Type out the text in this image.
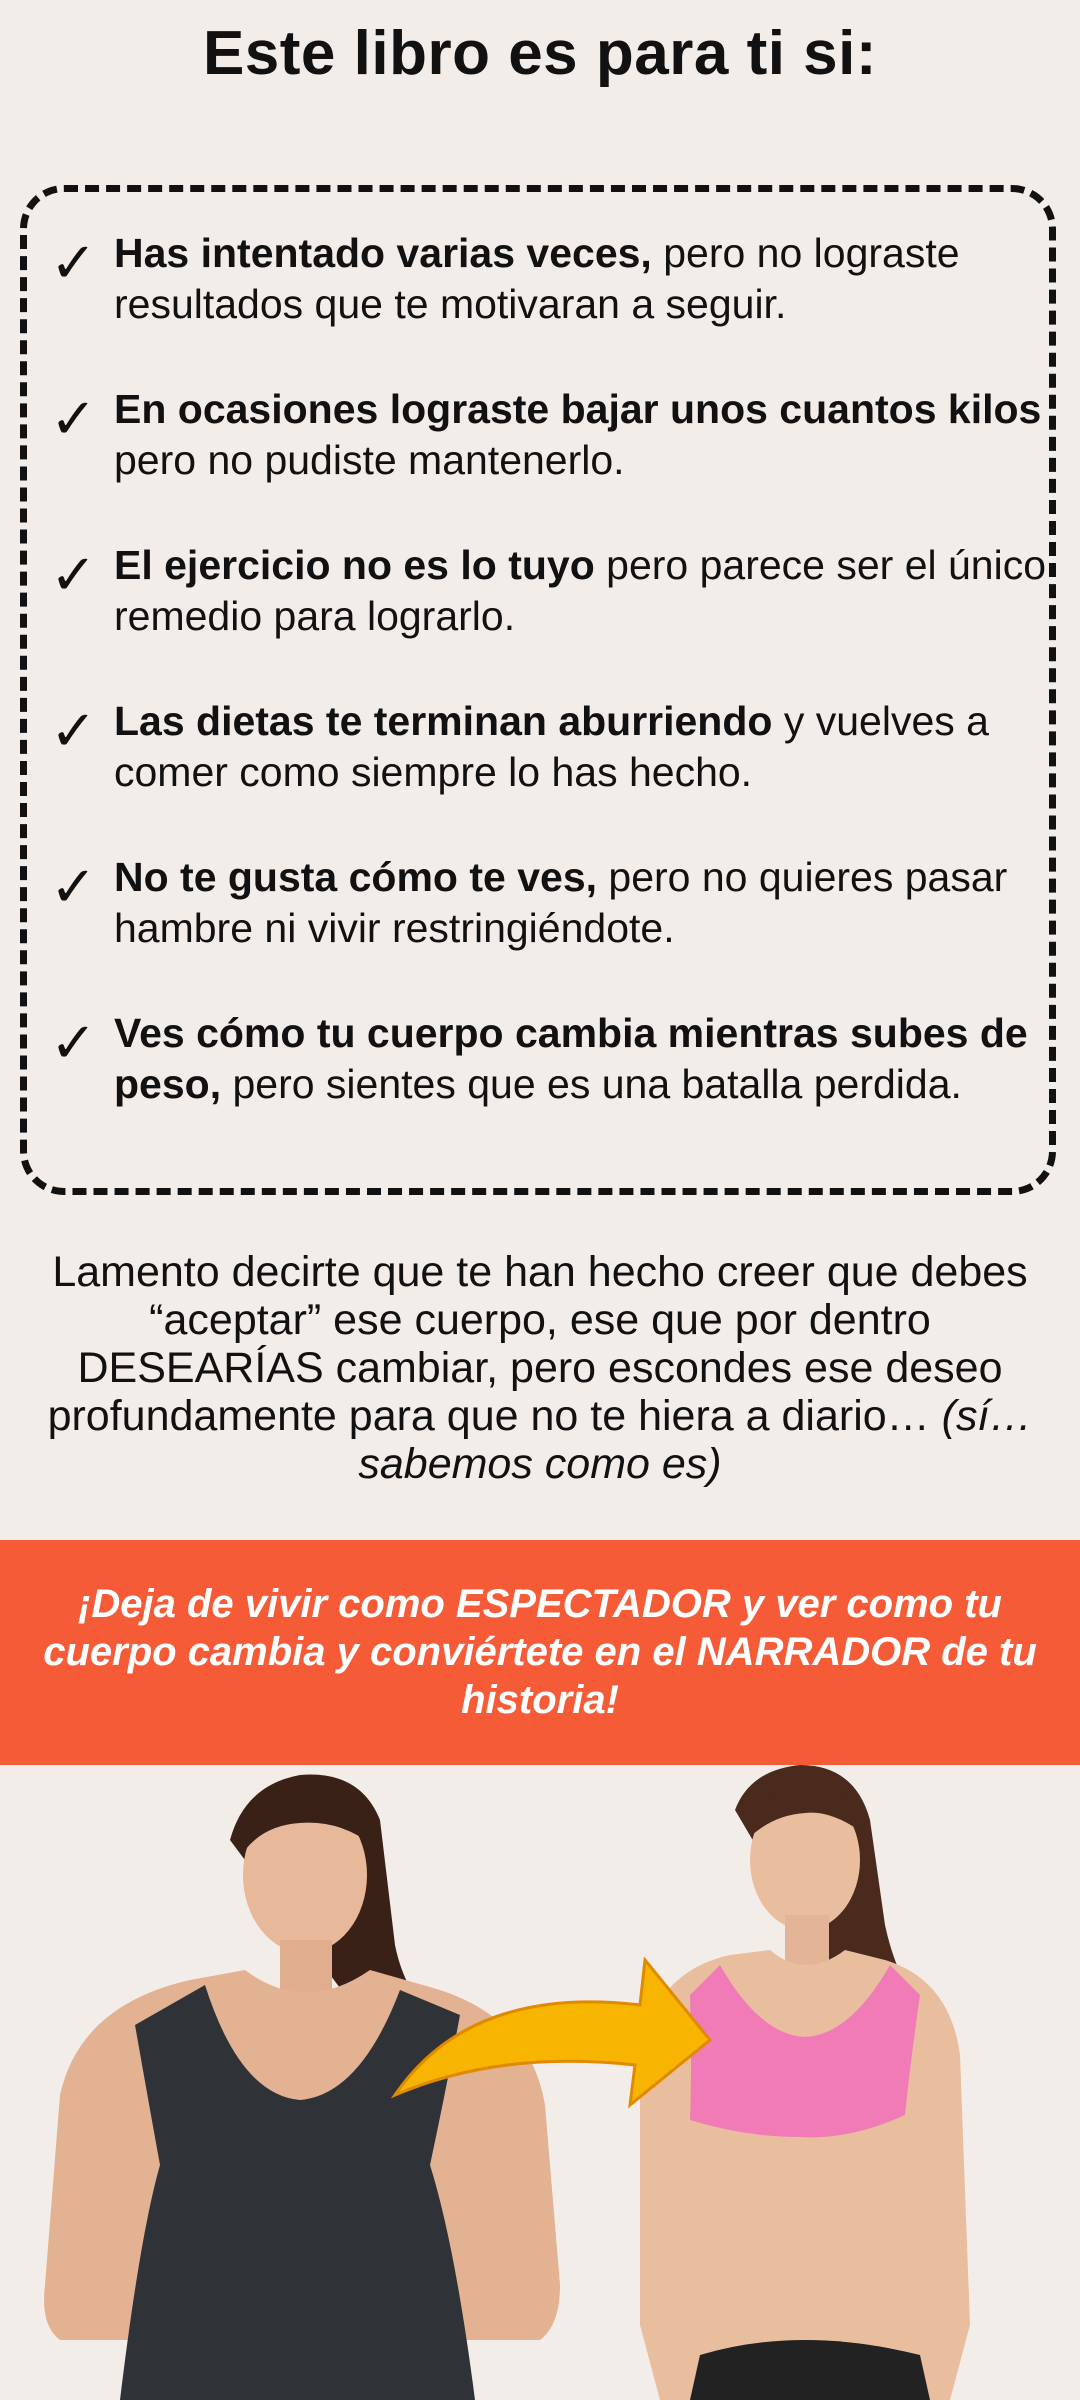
Este libro es para ti si:
✓ Has intentado varias veces, pero no lograste resultados que te motivaran a seguir.
✓ En ocasiones lograste bajar unos cuantos kilos pero no pudiste mantenerlo.
✓ El ejercicio no es lo tuyo pero parece ser el único remedio para lograrlo.
✓ Las dietas te terminan aburriendo y vuelves a comer como siempre lo has hecho.
✓ No te gusta cómo te ves, pero no quieres pasar hambre ni vivir restringiéndote.
✓ Ves cómo tu cuerpo cambia mientras subes de peso, pero sientes que es una batalla perdida.
Lamento decirte que te han hecho creer que debes “aceptar” ese cuerpo, ese que por dentro DESEARÍAS cambiar, pero escondes ese deseo profundamente para que no te hiera a diario… (sí…sabemos como es)
¡Deja de vivir como ESPECTADOR y ver como tu cuerpo cambia y conviértete en el NARRADOR de tu historia!
